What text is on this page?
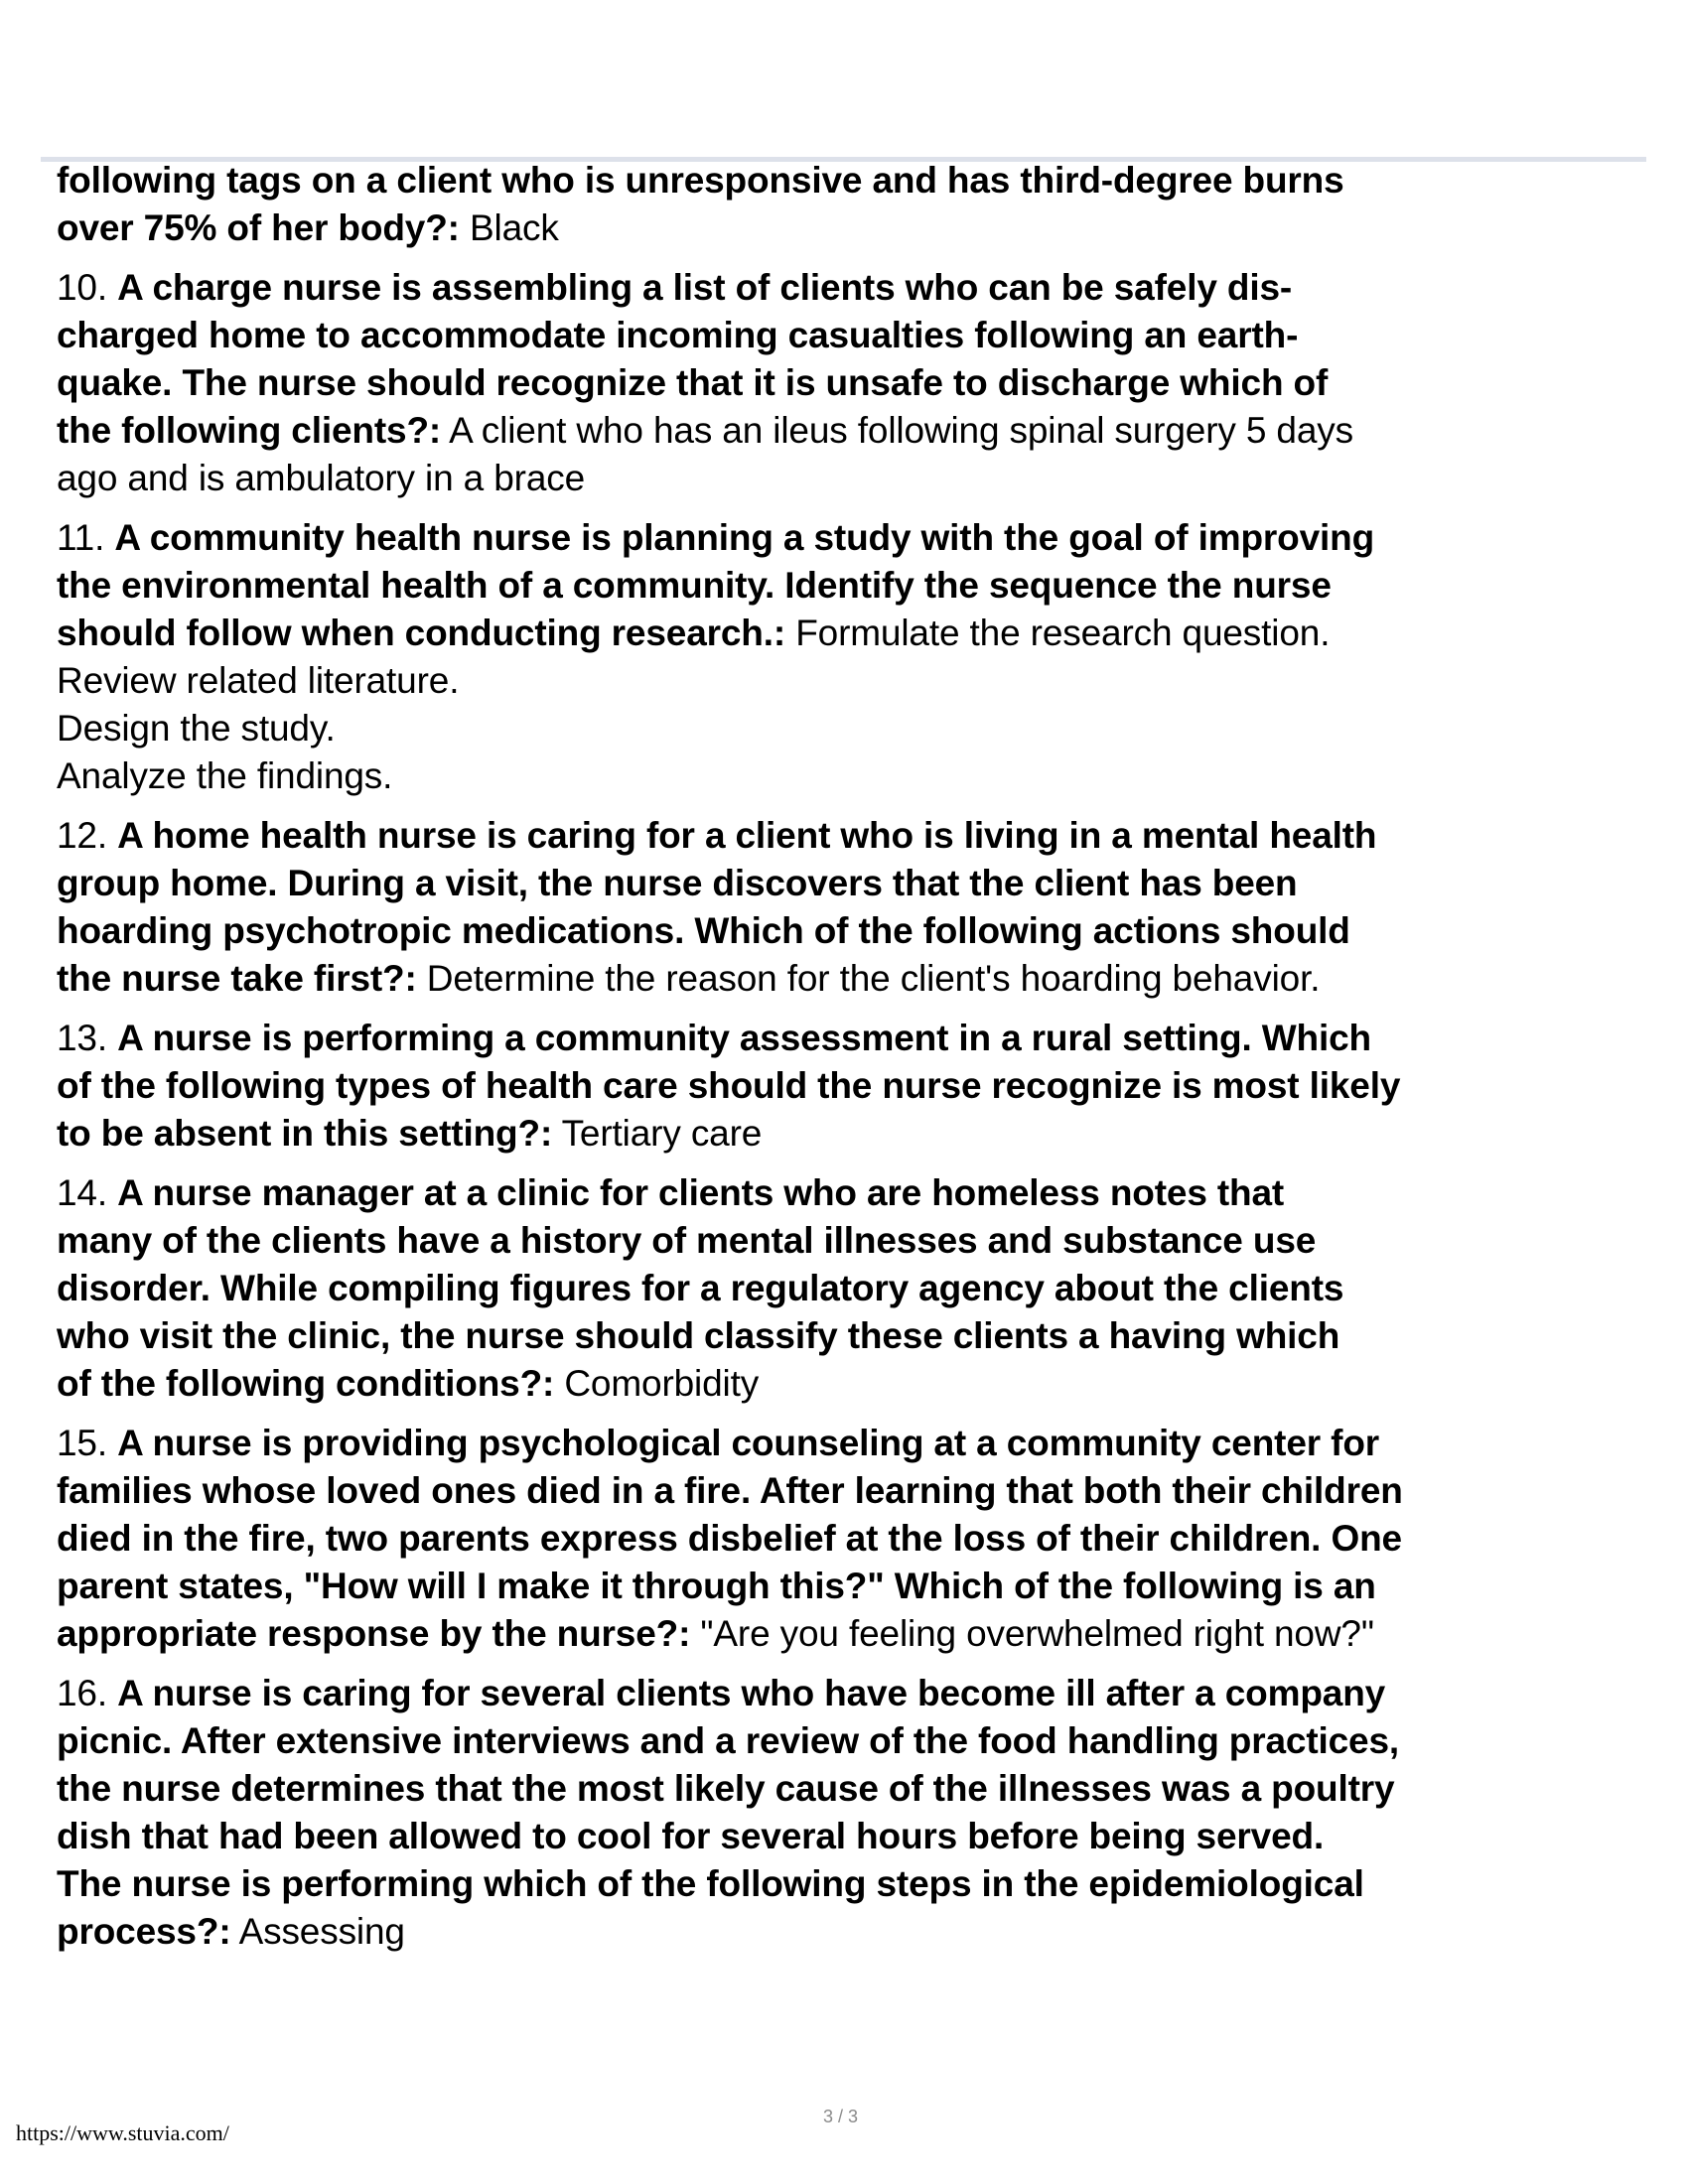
following tags on a client who is unresponsive and has third-degree burns
over 75% of her body?: Black
10. A charge nurse is assembling a list of clients who can be safely dis-
charged home to accommodate incoming casualties following an earth-
quake. The nurse should recognize that it is unsafe to discharge which of
the following clients?: A client who has an ileus following spinal surgery 5 days
ago and is ambulatory in a brace
11. A community health nurse is planning a study with the goal of improving
the environmental health of a community. Identify the sequence the nurse
should follow when conducting research.: Formulate the research question.
Review related literature.
Design the study.
Analyze the findings.
12. A home health nurse is caring for a client who is living in a mental health
group home. During a visit, the nurse discovers that the client has been
hoarding psychotropic medications. Which of the following actions should
the nurse take first?: Determine the reason for the client's hoarding behavior.
13. A nurse is performing a community assessment in a rural setting. Which
of the following types of health care should the nurse recognize is most likely
to be absent in this setting?: Tertiary care
14. A nurse manager at a clinic for clients who are homeless notes that
many of the clients have a history of mental illnesses and substance use
disorder. While compiling figures for a regulatory agency about the clients
who visit the clinic, the nurse should classify these clients a having which
of the following conditions?: Comorbidity
15. A nurse is providing psychological counseling at a community center for
families whose loved ones died in a fire. After learning that both their children
died in the fire, two parents express disbelief at the loss of their children. One
parent states, "How will I make it through this?" Which of the following is an
appropriate response by the nurse?: "Are you feeling overwhelmed right now?"
16. A nurse is caring for several clients who have become ill after a company
picnic. After extensive interviews and a review of the food handling practices,
the nurse determines that the most likely cause of the illnesses was a poultry
dish that had been allowed to cool for several hours before being served.
The nurse is performing which of the following steps in the epidemiological
process?: Assessing
https://www.stuvia.com/
3 / 3
